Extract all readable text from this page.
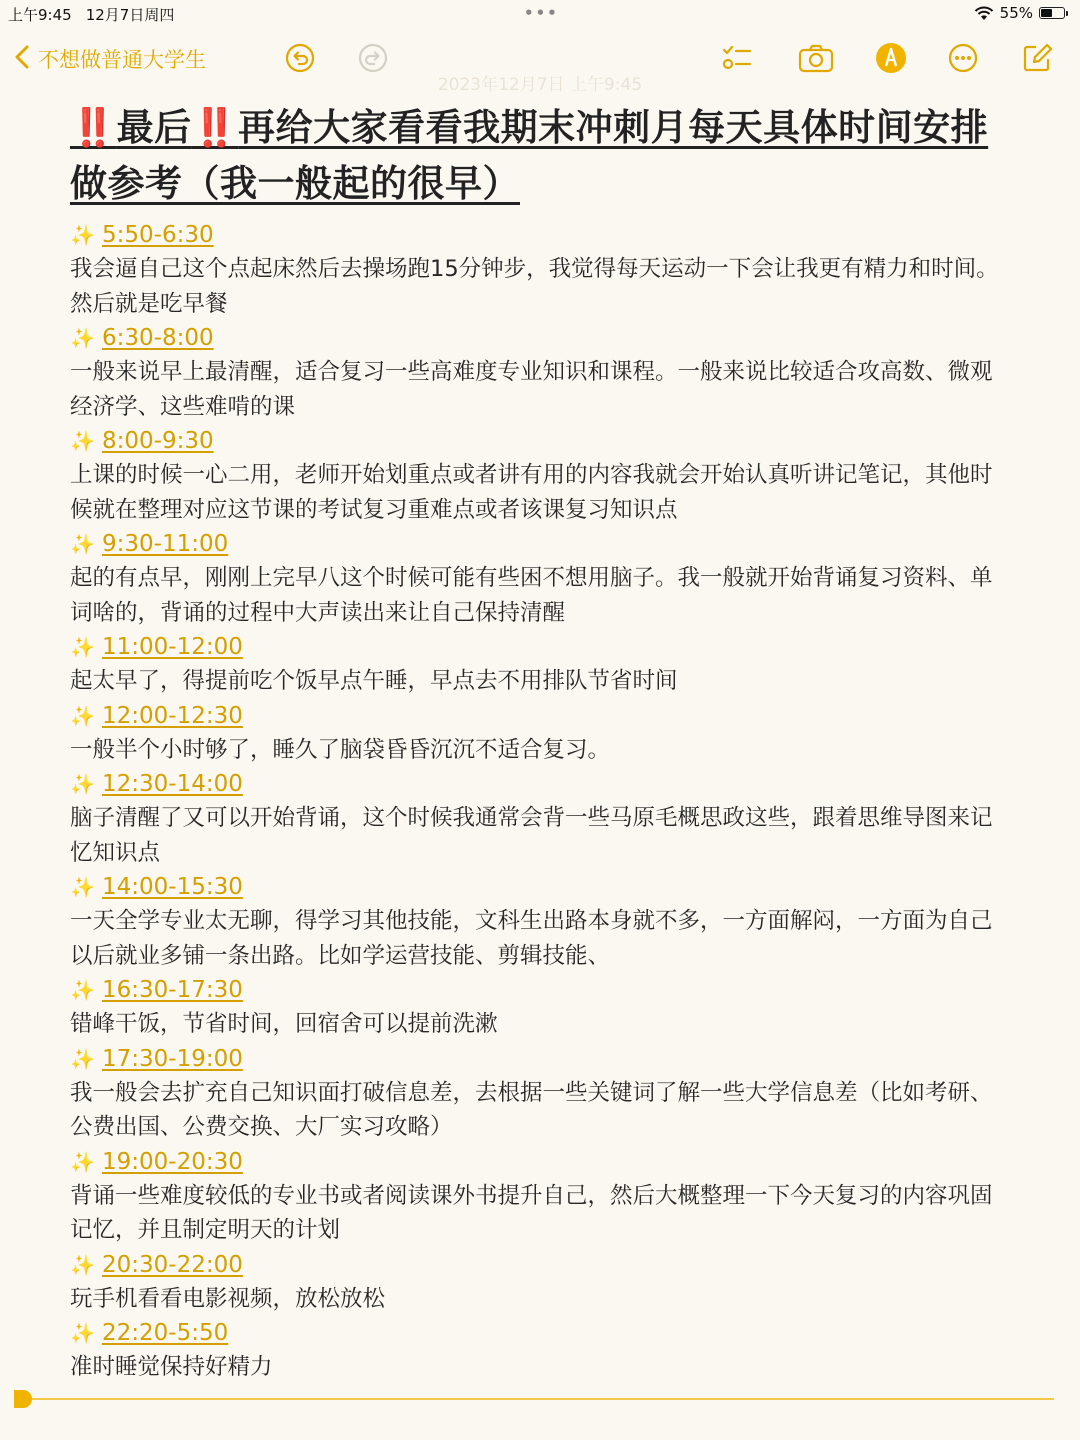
上午9:45 12月7日周四	•••	55%
不想做普通大学生
2023年12月7日 上午9:45
‼️最后‼️再给大家看看我期末冲刺月每天具体时间安排做参考（我一般起的很早）
✨ 5:50-6:30

我会逼自己这个点起床然后去操场跑15分钟步，我觉得每天运动一下会让我更有精力和时间。然后就是吃早餐

✨ 6:30-8:00

一般来说早上最清醒，适合复习一些高难度专业知识和课程。一般来说比较适合攻高数、微观经济学、这些难啃的课

✨ 8:00-9:30

上课的时候一心二用，老师开始划重点或者讲有用的内容我就会开始认真听讲记笔记，其他时候就在整理对应这节课的考试复习重难点或者该课复习知识点

✨ 9:30-11:00

起的有点早，刚刚上完早八这个时候可能有些困不想用脑子。我一般就开始背诵复习资料、单词啥的，背诵的过程中大声读出来让自己保持清醒

✨ 11:00-12:00

起太早了，得提前吃个饭早点午睡，早点去不用排队节省时间

✨ 12:00-12:30

一般半个小时够了，睡久了脑袋昏昏沉沉不适合复习。

✨ 12:30-14:00

脑子清醒了又可以开始背诵，这个时候我通常会背一些马原毛概思政这些，跟着思维导图来记忆知识点

✨ 14:00-15:30

一天全学专业太无聊，得学习其他技能，文科生出路本身就不多，一方面解闷，一方面为自己以后就业多铺一条出路。比如学运营技能、剪辑技能、

✨ 16:30-17:30

错峰干饭，节省时间，回宿舍可以提前洗漱

✨ 17:30-19:00

我一般会去扩充自己知识面打破信息差，去根据一些关键词了解一些大学信息差（比如考研、公费出国、公费交换、大厂实习攻略）

✨ 19:00-20:30

背诵一些难度较低的专业书或者阅读课外书提升自己，然后大概整理一下今天复习的内容巩固记忆，并且制定明天的计划

✨ 20:30-22:00

玩手机看看电影视频，放松放松

✨ 22:20-5:50

准时睡觉保持好精力
